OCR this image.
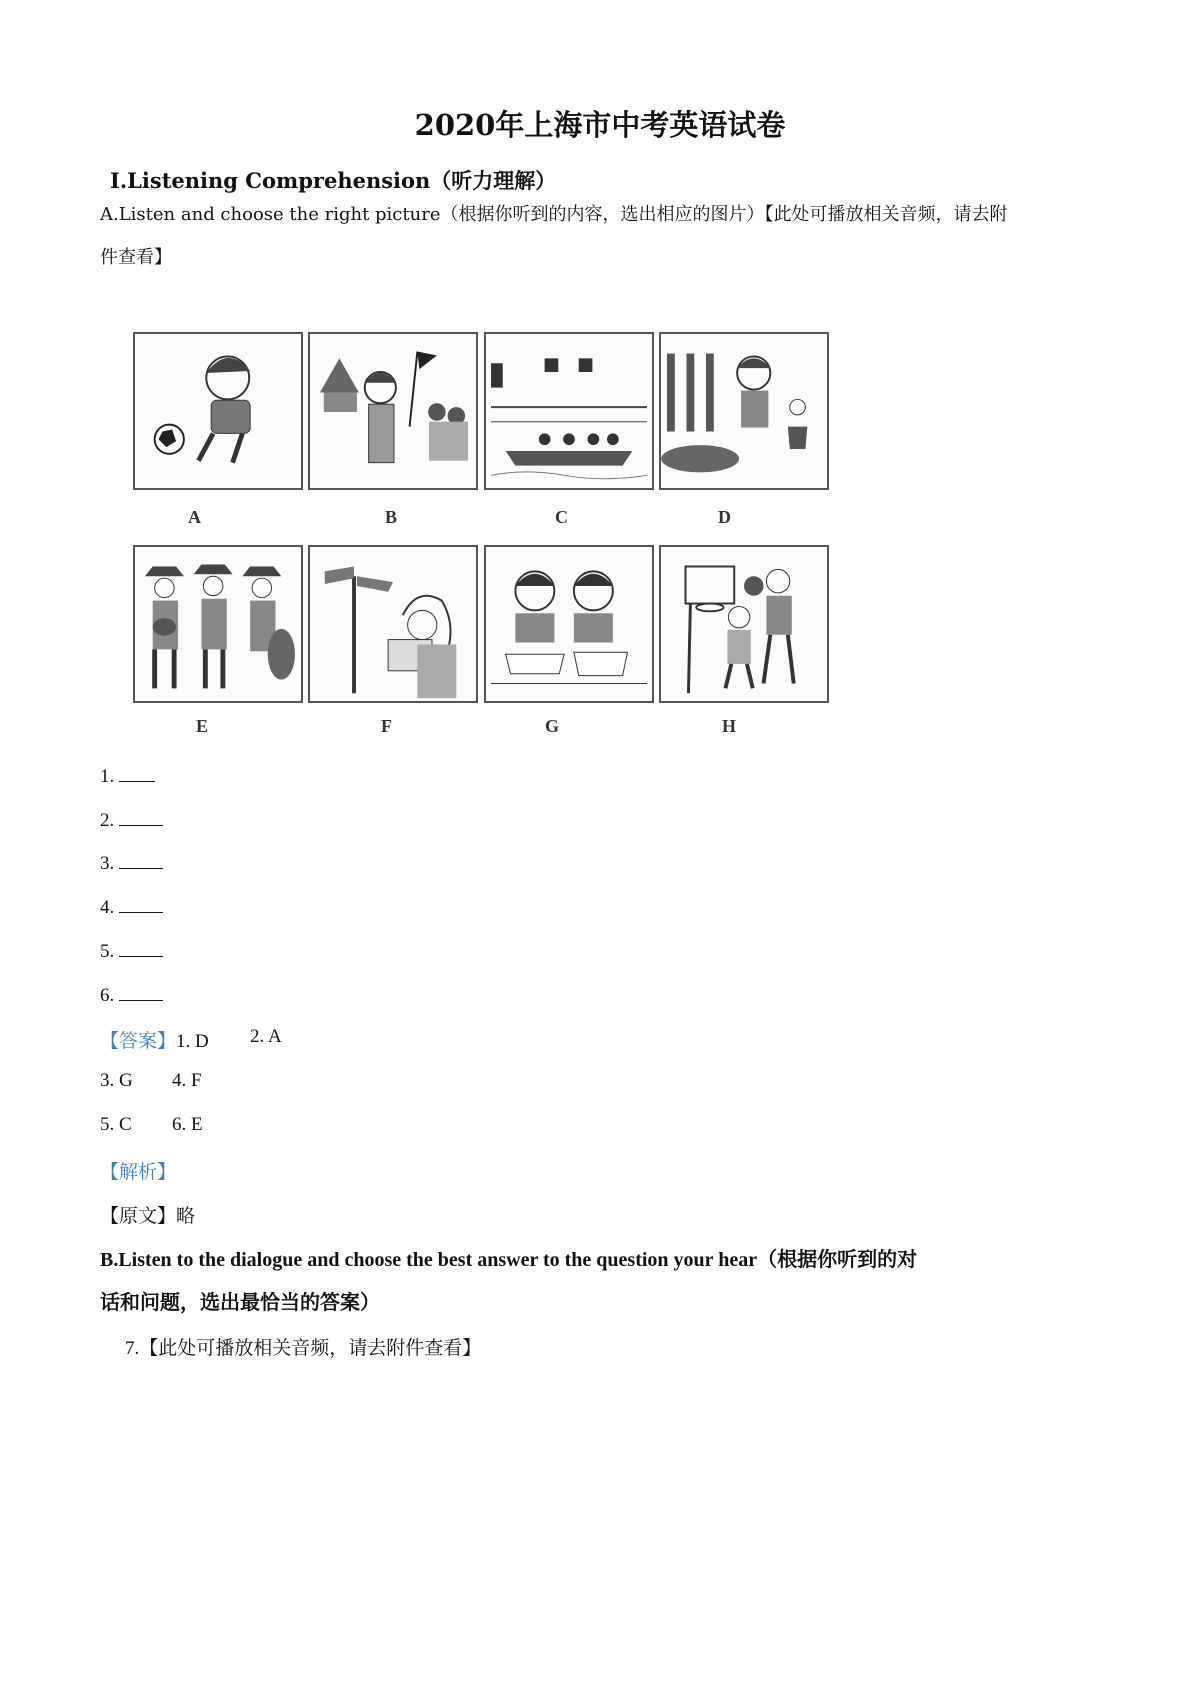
2020年上海市中考英语试卷
Ⅰ.Listening Comprehension（听力理解）
A.Listen and choose the right picture（根据你听到的内容，选出相应的图片）【此处可播放相关音频，请去附
件查看】
A	B	C	D
E	F	G	H
1.
2.
3.
4.
5.
6.
【答案】1. D 2. A
3. G 4. F
5. C 6. E
【解析】
【原文】略
B.Listen to the dialogue and choose the best answer to the question your hear（根据你听到的对
话和问题，选出最恰当的答案）
7.【此处可播放相关音频，请去附件查看】
